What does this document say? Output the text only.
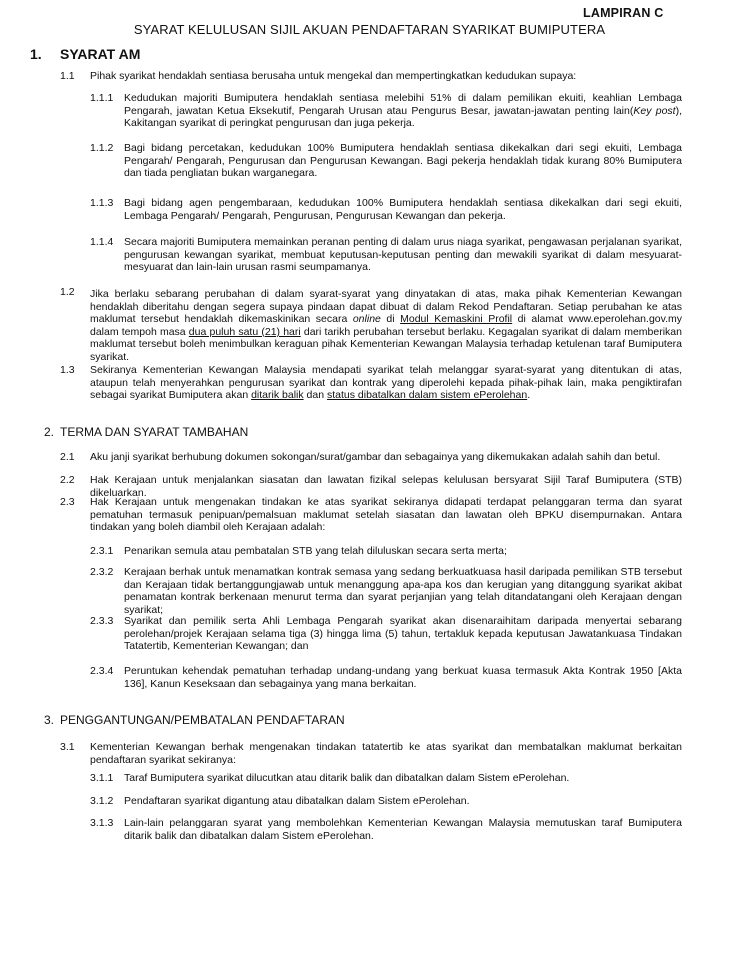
LAMPIRAN C
SYARAT KELULUSAN SIJIL AKUAN PENDAFTARAN SYARIKAT BUMIPUTERA
1. SYARAT AM
1.1 Pihak syarikat hendaklah sentiasa berusaha untuk mengekal dan mempertingkatkan kedudukan supaya:
1.1.1 Kedudukan majoriti Bumiputera hendaklah sentiasa melebihi 51% di dalam pemilikan ekuiti, keahlian Lembaga Pengarah, jawatan Ketua Eksekutif, Pengarah Urusan atau Pengurus Besar, jawatan-jawatan penting lain(Key post), Kakitangan syarikat di peringkat pengurusan dan juga pekerja.
1.1.2 Bagi bidang percetakan, kedudukan 100% Bumiputera hendaklah sentiasa dikekalkan dari segi ekuiti, Lembaga Pengarah/ Pengarah, Pengurusan dan Pengurusan Kewangan. Bagi pekerja hendaklah tidak kurang 80% Bumiputera dan tiada pengliatan bukan warganegara.
1.1.3 Bagi bidang agen pengembaraan, kedudukan 100% Bumiputera hendaklah sentiasa dikekalkan dari segi ekuiti, Lembaga Pengarah/ Pengarah, Pengurusan, Pengurusan Kewangan dan pekerja.
1.1.4 Secara majoriti Bumiputera memainkan peranan penting di dalam urus niaga syarikat, pengawasan perjalanan syarikat, pengurusan kewangan syarikat, membuat keputusan-keputusan penting dan mewakili syarikat di dalam mesyuarat-mesyuarat dan lain-lain urusan rasmi seumpamanya.
1.2 Jika berlaku sebarang perubahan di dalam syarat-syarat yang dinyatakan di atas, maka pihak Kementerian Kewangan hendaklah diberitahu dengan segera supaya pindaan dapat dibuat di dalam Rekod Pendaftaran. Setiap perubahan ke atas maklumat tersebut hendaklah dikemaskinikan secara online di Modul Kemaskini Profil di alamat www.eperolehan.gov.my dalam tempoh masa dua puluh satu (21) hari dari tarikh perubahan tersebut berlaku. Kegagalan syarikat di dalam memberikan maklumat tersebut boleh menimbulkan keraguan pihak Kementerian Kewangan Malaysia terhadap ketulenan taraf Bumiputera syarikat.
1.3 Sekiranya Kementerian Kewangan Malaysia mendapati syarikat telah melanggar syarat-syarat yang ditentukan di atas, ataupun telah menyerahkan pengurusan syarikat dan kontrak yang diperolehi kepada pihak-pihak lain, maka pengiktirafan sebagai syarikat Bumiputera akan ditarik balik dan status dibatalkan dalam sistem ePerolehan.
2. TERMA DAN SYARAT TAMBAHAN
2.1 Aku janji syarikat berhubung dokumen sokongan/surat/gambar dan sebagainya yang dikemukakan adalah sahih dan betul.
2.2 Hak Kerajaan untuk menjalankan siasatan dan lawatan fizikal selepas kelulusan bersyarat Sijil Taraf Bumiputera (STB) dikeluarkan.
2.3 Hak Kerajaan untuk mengenakan tindakan ke atas syarikat sekiranya didapati terdapat pelanggaran terma dan syarat pematuhan termasuk penipuan/pemalsuan maklumat setelah siasatan dan lawatan oleh BPKU disempurnakan. Antara tindakan yang boleh diambil oleh Kerajaan adalah:
2.3.1 Penarikan semula atau pembatalan STB yang telah diluluskan secara serta merta;
2.3.2 Kerajaan berhak untuk menamatkan kontrak semasa yang sedang berkuatkuasa hasil daripada pemilikan STB tersebut dan Kerajaan tidak bertanggungjawab untuk menanggung apa-apa kos dan kerugian yang ditanggung syarikat akibat penamatan kontrak berkenaan menurut terma dan syarat perjanjian yang telah ditandatangani oleh Kerajaan dengan syarikat;
2.3.3 Syarikat dan pemilik serta Ahli Lembaga Pengarah syarikat akan disenaraihitam daripada menyertai sebarang perolehan/projek Kerajaan selama tiga (3) hingga lima (5) tahun, tertakluk kepada keputusan Jawatankuasa Tindakan Tatatertib, Kementerian Kewangan; dan
2.3.4 Peruntukan kehendak pematuhan terhadap undang-undang yang berkuat kuasa termasuk Akta Kontrak 1950 [Akta 136], Kanun Keseksaan dan sebagainya yang mana berkaitan.
3. PENGGANTUNGAN/PEMBATALAN PENDAFTARAN
3.1 Kementerian Kewangan berhak mengenakan tindakan tatatertib ke atas syarikat dan membatalkan maklumat berkaitan pendaftaran syarikat sekiranya:
3.1.1 Taraf Bumiputera syarikat dilucutkan atau ditarik balik dan dibatalkan dalam Sistem ePerolehan.
3.1.2 Pendaftaran syarikat digantung atau dibatalkan dalam Sistem ePerolehan.
3.1.3 Lain-lain pelanggaran syarat yang membolehkan Kementerian Kewangan Malaysia memutuskan taraf Bumiputera ditarik balik dan dibatalkan dalam Sistem ePerolehan.
